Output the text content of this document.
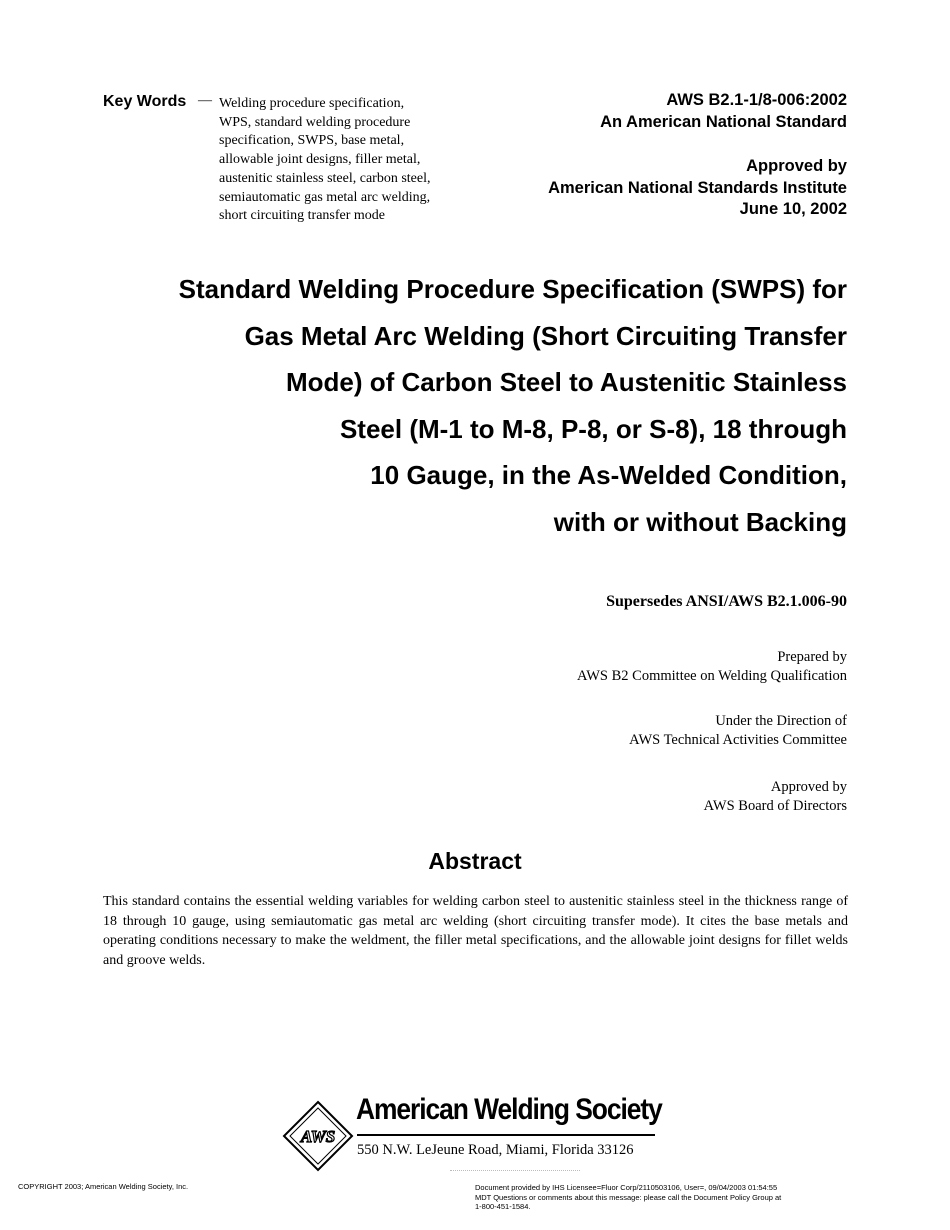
Key Words — Welding procedure specification,
WPS, standard welding procedure
specification, SWPS, base metal,
allowable joint designs, filler metal,
austenitic stainless steel, carbon steel,
semiautomatic gas metal arc welding,
short circuiting transfer mode
AWS B2.1-1/8-006:2002
An American National Standard
Approved by
American National Standards Institute
June 10, 2002
Standard Welding Procedure Specification (SWPS) for
Gas Metal Arc Welding (Short Circuiting Transfer
Mode) of Carbon Steel to Austenitic Stainless
Steel (M-1 to M-8, P-8, or S-8), 18 through
10 Gauge, in the As-Welded Condition,
with or without Backing
Supersedes ANSI/AWS B2.1.006-90
Prepared by
AWS B2 Committee on Welding Qualification
Under the Direction of
AWS Technical Activities Committee
Approved by
AWS Board of Directors
Abstract
This standard contains the essential welding variables for welding carbon steel to austenitic stainless steel in the thickness range of 18 through 10 gauge, using semiautomatic gas metal arc welding (short circuiting transfer mode). It cites the base metals and operating conditions necessary to make the weldment, the filler metal specifications, and the allowable joint designs for fillet welds and groove welds.
AWS
American Welding Society
550 N.W. LeJeune Road, Miami, Florida 33126
COPYRIGHT 2003; American Welding Society, Inc.	Document provided by IHS Licensee=Fluor Corp/2110503106, User=, 09/04/2003 01:54:55 MDT Questions or comments about this message: please call the Document Policy Group at 1-800-451-1584.
